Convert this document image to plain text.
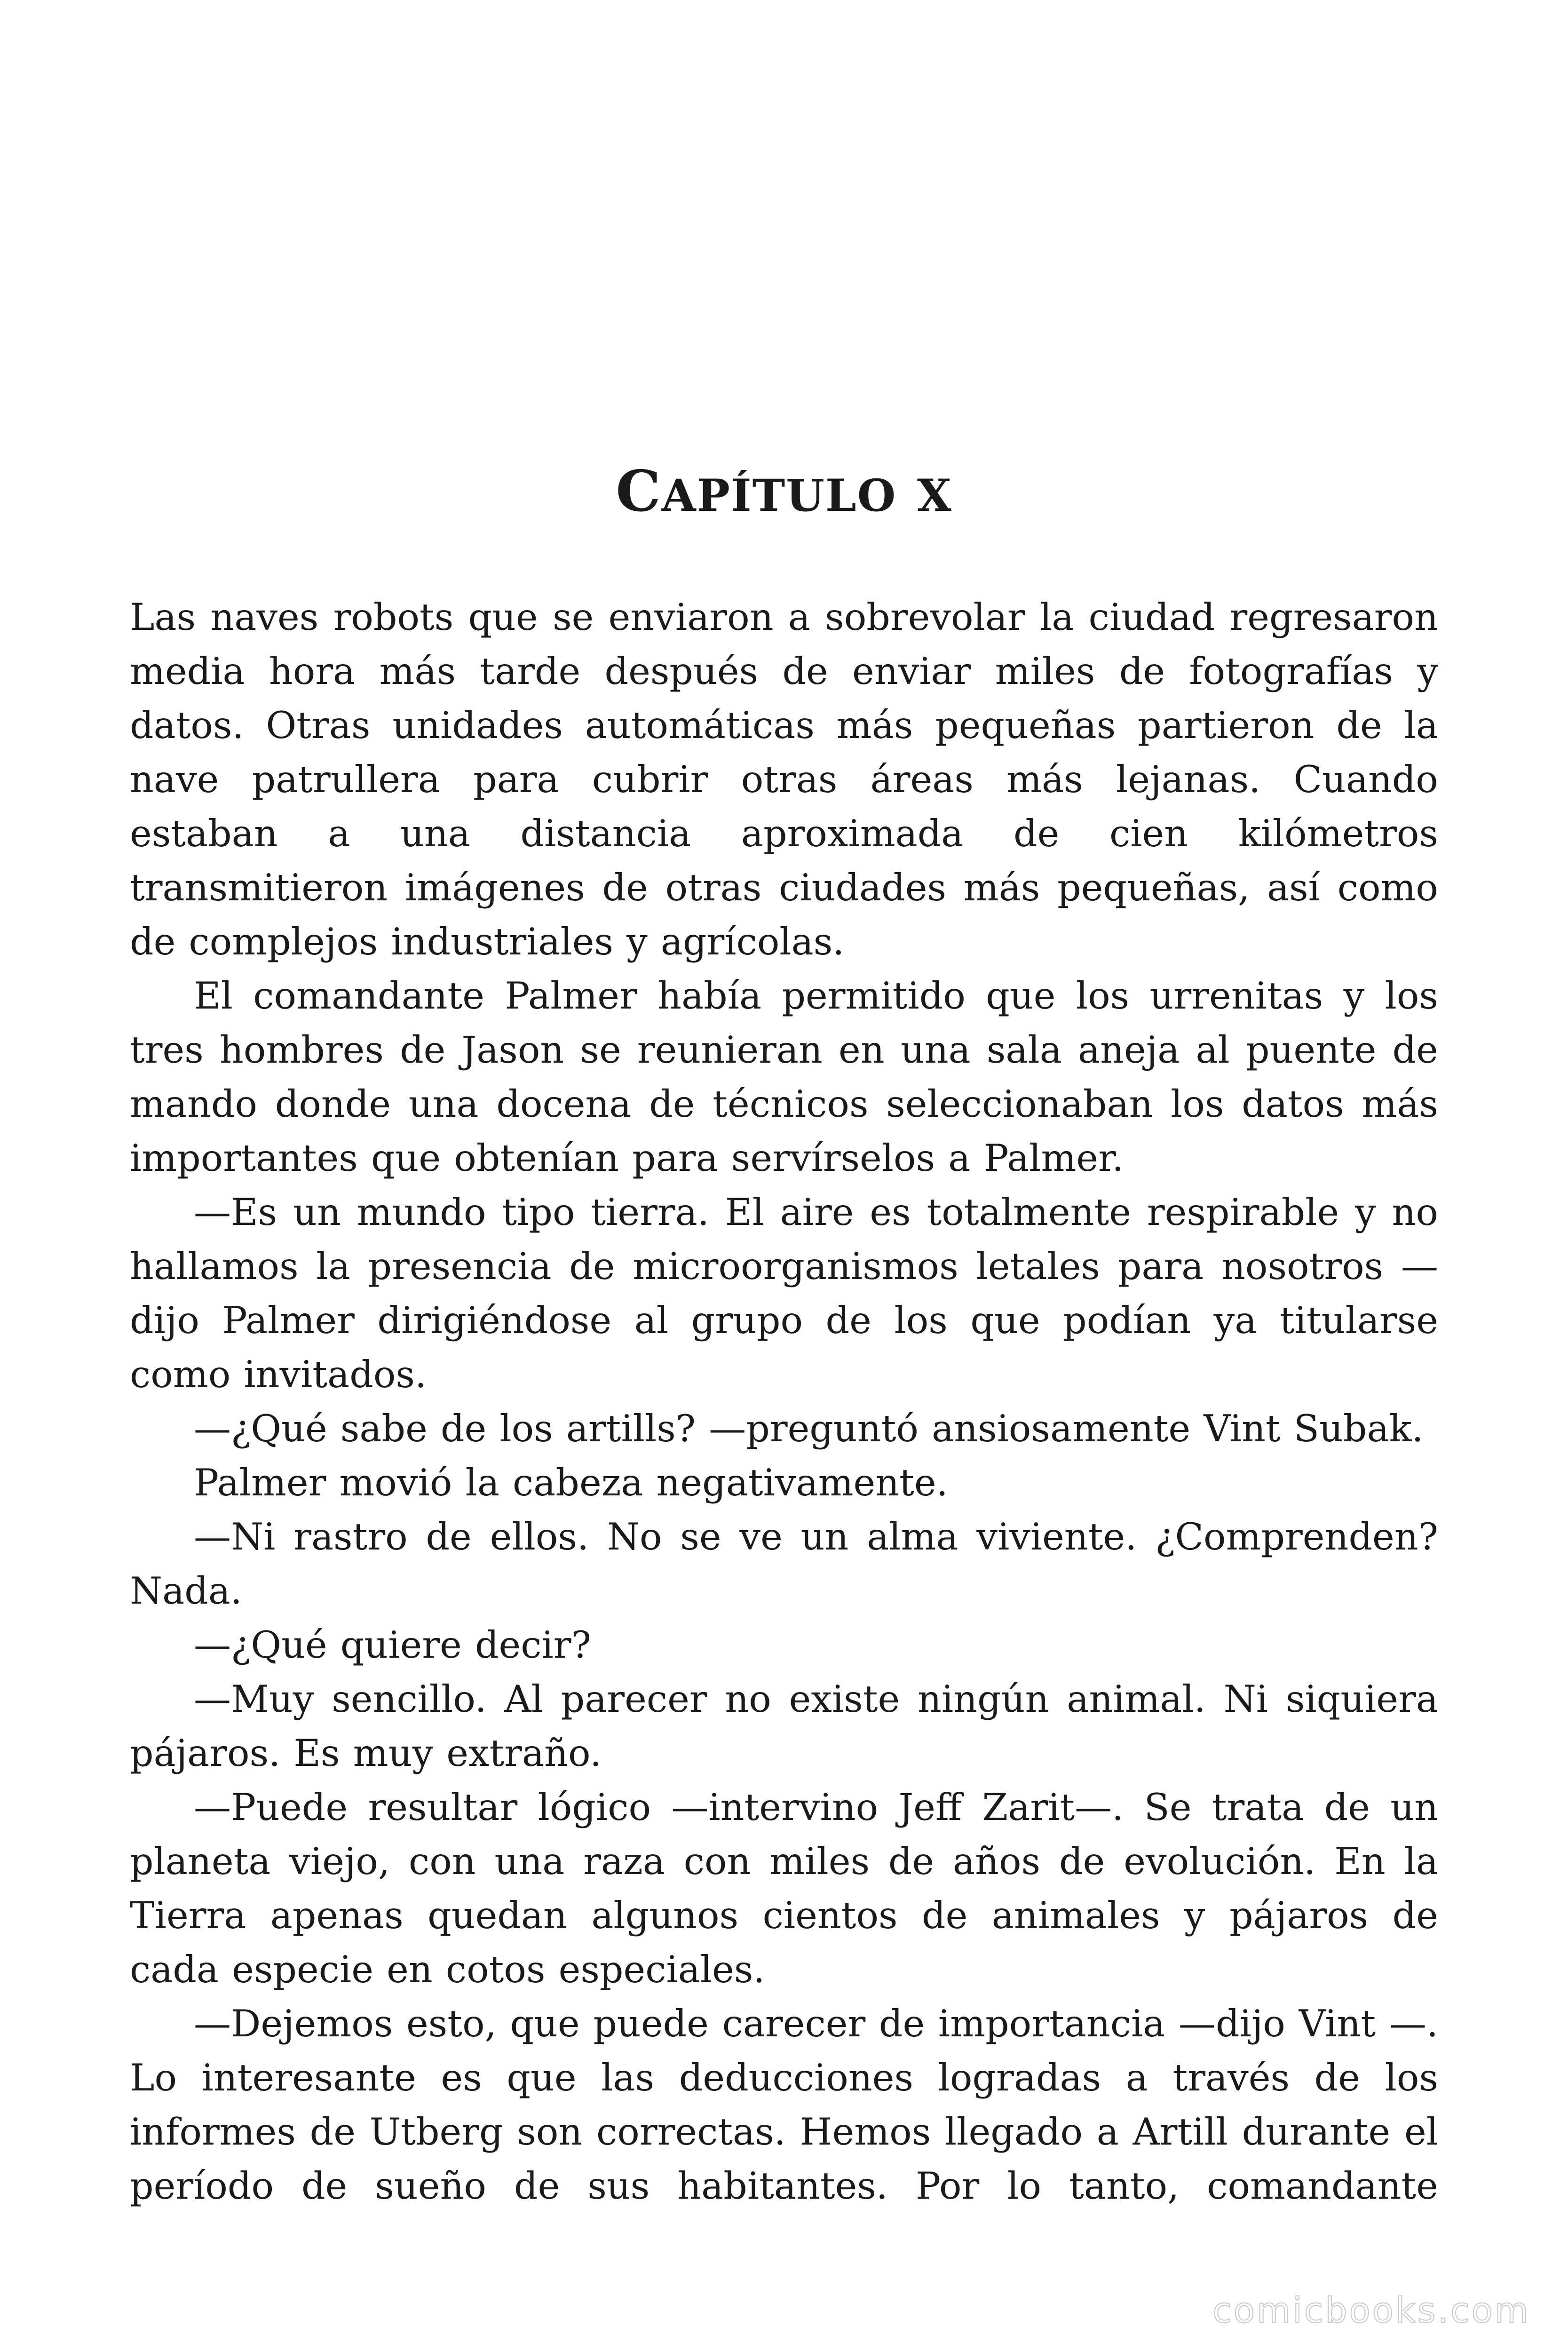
CAPÍTULO X

Las naves robots que se enviaron a sobrevolar la ciudad regresaron media hora más tarde después de enviar miles de fotografías y datos. Otras unidades automáticas más pequeñas partieron de la nave patrullera para cubrir otras áreas más lejanas. Cuando estaban a una distancia aproximada de cien kilómetros transmitieron imágenes de otras ciudades más pequeñas, así como de complejos industriales y agrícolas.

El comandante Palmer había permitido que los urrenitas y los tres hombres de Jason se reunieran en una sala aneja al puente de mando donde una docena de técnicos seleccionaban los datos más importantes que obtenían para servírselos a Palmer.

—Es un mundo tipo tierra. El aire es totalmente respirable y no hallamos la presencia de microorganismos letales para nosotros —dijo Palmer dirigiéndose al grupo de los que podían ya titularse como invitados.

—¿Qué sabe de los artills? —preguntó ansiosamente Vint Subak.

Palmer movió la cabeza negativamente.

—Ni rastro de ellos. No se ve un alma viviente. ¿Comprenden? Nada.

—¿Qué quiere decir?

—Muy sencillo. Al parecer no existe ningún animal. Ni siquiera pájaros. Es muy extraño.

—Puede resultar lógico —intervino Jeff Zarit—. Se trata de un planeta viejo, con una raza con miles de años de evolución. En la Tierra apenas quedan algunos cientos de animales y pájaros de cada especie en cotos especiales.

—Dejemos esto, que puede carecer de importancia —dijo Vint —. Lo interesante es que las deducciones logradas a través de los informes de Utberg son correctas. Hemos llegado a Artill durante el período de sueño de sus habitantes. Por lo tanto, comandante

comicbooks.com
